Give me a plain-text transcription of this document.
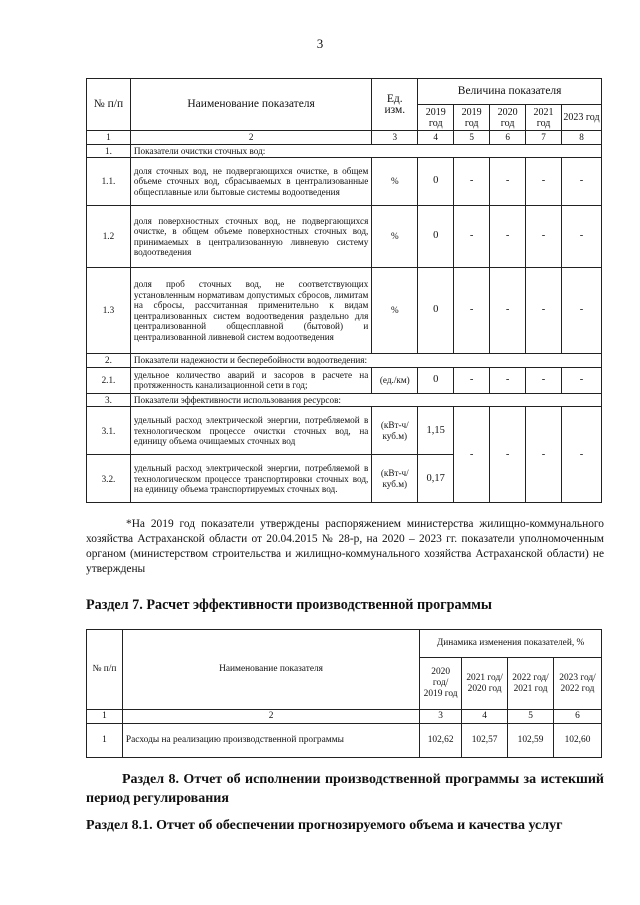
3
№ п/п	Наименование показателя	Ед. изм.	Величина показателя				
			2019 год	2019 год	2020 год	2021 год	2023 год
1	2	3	4	5	6	7	8
1.	Показатели очистки сточных вод:						
1.1.	доля сточных вод, не подвергающихся очистке, в общем объеме сточных вод, сбрасываемых в централизованные общесплавные или бытовые системы водоотведения	%	0	-	-	-	-
1.2	доля поверхностных сточных вод, не подвергающихся очистке, в общем объеме поверхностных сточных вод, принимаемых в централизованную ливневую систему водоотведения	%	0	-	-	-	-
1.3	доля проб сточных вод, не соответствующих установленным нормативам допустимых сбросов, лимитам на сбросы, рассчитанная применительно к видам централизованных систем водоотведения раздельно для централизованной общесплавной (бытовой) и централизованной ливневой систем водоотведения	%	0	-	-	-	-
2.	Показатели надежности и бесперебойности водоотведения:						
2.1.	удельное количество аварий и засоров в расчете на протяженность канализационной сети в год;	(ед./км)	0	-	-	-	-
3.	Показатели эффективности использования ресурсов:						
3.1.	удельный расход электрической энергии, потребляемой в технологическом процессе очистки сточных вод, на единицу объема очищаемых сточных вод	(кВт-ч/куб.м)	1,15	-	-	-	-
3.2.	удельный расход электрической энергии, потребляемой в технологическом процессе транспортировки сточных вод, на единицу объема транспортируемых сточных вод.	(кВт-ч/куб.м)	0,17				
*На 2019 год показатели утверждены распоряжением министерства жилищно-коммунального хозяйства Астраханской области от 20.04.2015 № 28-р, на 2020 – 2023 гг. показатели уполномоченным органом (министерством строительства и жилищно-коммунального хозяйства Астраханской области) не утверждены
Раздел 7. Расчет эффективности производственной программы
№ п/п	Наименование показателя	Динамика изменения показателей, %			
		2020 год/ 2019 год	2021 год/ 2020 год	2022 год/ 2021 год	2023 год/ 2022 год
1	2	3	4	5	6
1	Расходы на реализацию производственной программы	102,62	102,57	102,59	102,60
Раздел 8. Отчет об исполнении производственной программы за истекший период регулирования
Раздел 8.1. Отчет об обеспечении прогнозируемого объема и качества услуг
